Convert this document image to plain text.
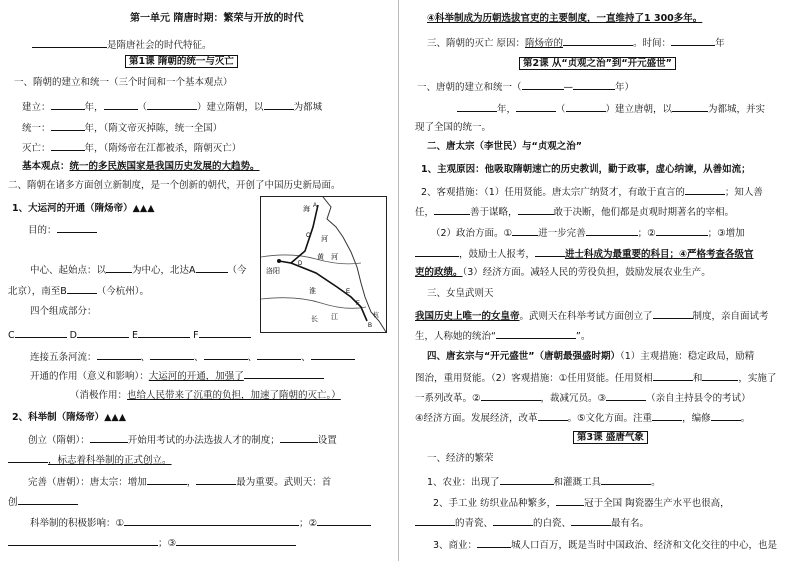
第一单元 隋唐时期：繁荣与开放的时代
是隋唐社会的时代特征。
第1课 隋朝的统一与灭亡
一、隋朝的建立和统一（三个时间和一个基本观点）
建立：	年，	（	）建立隋朝，以	为都城
统一：	年，（隋文帝灭掉陈，统一全国）
灭亡：	年，（隋炀帝在江都被杀，隋朝灭亡）
基本观点：统一的多民族国家是我国历史发展的大趋势。
二、隋朝在诸多方面创立新制度，是一个创新的朝代，开创了中国历史新局面。
1、大运河的开通（隋炀帝）▲▲▲
目的：
中心、起始点：以	为中心，北达A	（今
北京），南至B	（今杭州）。
四个组成部分：
C	D	E	F
连接五条河流：	、	、	、	、
开通的作用（意义和影响）：大运河的开通，加强了
（消极作用：也给人民带来了沉重的负担，加速了隋朝的灭亡。）
2、科举制（隋炀帝）▲▲▲
创立（隋朝）：	开始用考试的办法选拔人才的制度；	设置
，标志着科举制的正式创立。
完善（唐朝）：唐太宗：增加	，	最为重要。武则天：首
创
科举制的积极影响：①	；②
；③
A
B
C
D
E
F
海
河
黄 河
洛阳
淮
长 江	杭
④科举制成为历朝选拔官吏的主要制度，一直维持了1 300多年。
三、隋朝的灭亡 原因：隋炀帝的	。时间：	年
第2课 从“贞观之治”到“开元盛世”
一、唐朝的建立和统一（	—	年）
年，	（	）建立唐朝，以	为都城，并实
现了全国的统一。
二、唐太宗（李世民）与“贞观之治”
1、主观原因：他吸取隋朝速亡的历史教训，勤于政事，虚心纳谏，从善如流；
2、客观措施：（1）任用贤能。唐太宗广纳贤才，有敢于直言的	；知人善
任，	善于谋略，	敢于决断，他们都是贞观时期著名的宰相。
（2）政治方面。①	进一步完善	；②	；③增加
，鼓励士人报考，	进士科成为最重要的科目；④严格考查各级官
吏的政绩。（3）经济方面。减轻人民的劳役负担，鼓励发展农业生产。
三、女皇武则天
我国历史上唯一的女皇帝。武则天在科举考试方面创立了	制度，亲自面试考
生，人称她的统治“	”。
四、唐玄宗与“开元盛世”（唐朝最强盛时期）（1）主观措施：稳定政局，励精
图治，重用贤能。（2）客观措施：①任用贤能。任用贤相	和	，实施了
一系列改革。②	，裁减冗员。③	（亲自主持县令的考试）
④经济方面。发展经济，改革	。⑤文化方面。注重	，编修	。
第3课 盛唐气象
一、经济的繁荣
1、农业：出现了	和灌溉工具	。
2、手工业 纺织业品种繁多，	冠于全国 陶瓷器生产水平也很高，
的青瓷、	的白瓷、	最有名。
3、商业：	城人口百万，既是当时中国政治、经济和文化交往的中心，也是
